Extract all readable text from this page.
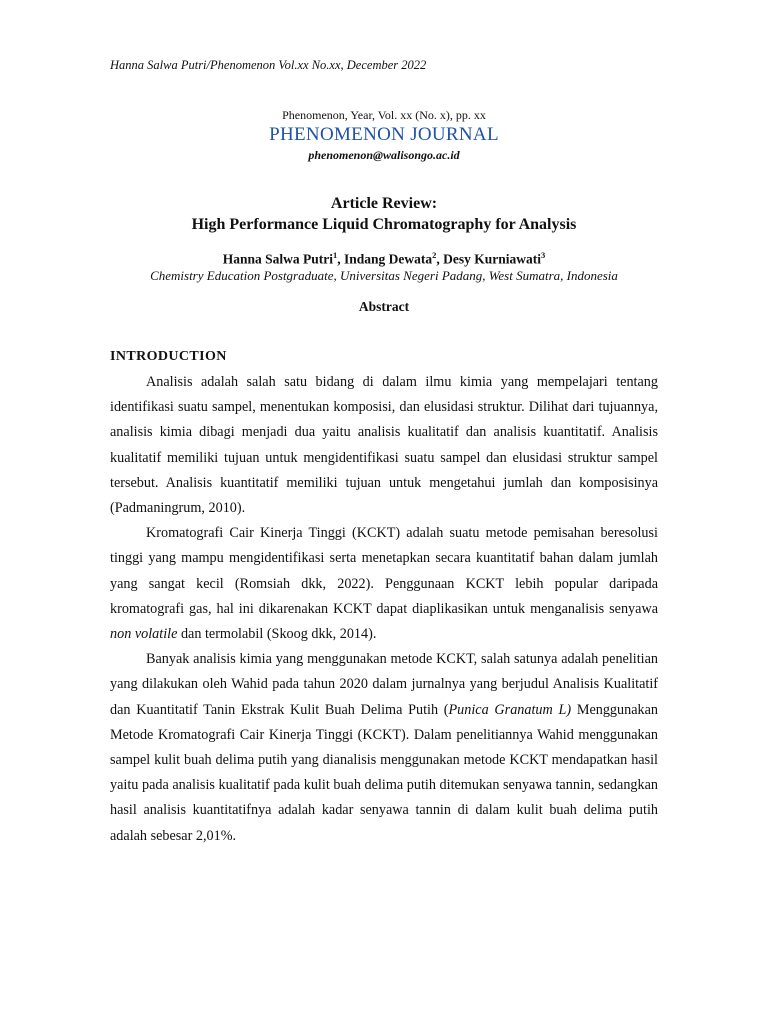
Hanna Salwa Putri/Phenomenon Vol.xx No.xx, December 2022
Phenomenon, Year, Vol. xx (No. x), pp. xx
PHENOMENON JOURNAL
phenomenon@walisongo.ac.id
Article Review:
High Performance Liquid Chromatography for Analysis
Hanna Salwa Putri$^1$, Indang Dewata$^2$, Desy Kurniawati$^3$
Chemistry Education Postgraduate, Universitas Negeri Padang, West Sumatra, Indonesia
Abstract
INTRODUCTION

Analisis adalah salah satu bidang di dalam ilmu kimia yang mempelajari tentang identifikasi suatu sampel, menentukan komposisi, dan elusidasi struktur. Dilihat dari tujuannya, analisis kimia dibagi menjadi dua yaitu analisis kualitatif dan analisis kuantitatif. Analisis kualitatif memiliki tujuan untuk mengidentifikasi suatu sampel dan elusidasi struktur sampel tersebut. Analisis kuantitatif memiliki tujuan untuk mengetahui jumlah dan komposisinya (Padmaningrum, 2010).

Kromatografi Cair Kinerja Tinggi (KCKT) adalah suatu metode pemisahan beresolusi tinggi yang mampu mengidentifikasi serta menetapkan secara kuantitatif bahan dalam jumlah yang sangat kecil (Romsiah dkk, 2022). Penggunaan KCKT lebih popular daripada kromatografi gas, hal ini dikarenakan KCKT dapat diaplikasikan untuk menganalisis senyawa non volatile dan termolabil (Skoog dkk, 2014).

Banyak analisis kimia yang menggunakan metode KCKT, salah satunya adalah penelitian yang dilakukan oleh Wahid pada tahun 2020 dalam jurnalnya yang berjudul Analisis Kualitatif dan Kuantitatif Tanin Ekstrak Kulit Buah Delima Putih (Punica Granatum L) Menggunakan Metode Kromatografi Cair Kinerja Tinggi (KCKT). Dalam penelitiannya Wahid menggunakan sampel kulit buah delima putih yang dianalisis menggunakan metode KCKT mendapatkan hasil yaitu pada analisis kualitatif pada kulit buah delima putih ditemukan senyawa tannin, sedangkan hasil analisis kuantitatifnya adalah kadar senyawa tannin di dalam kulit buah delima putih adalah sebesar 2,01%.
